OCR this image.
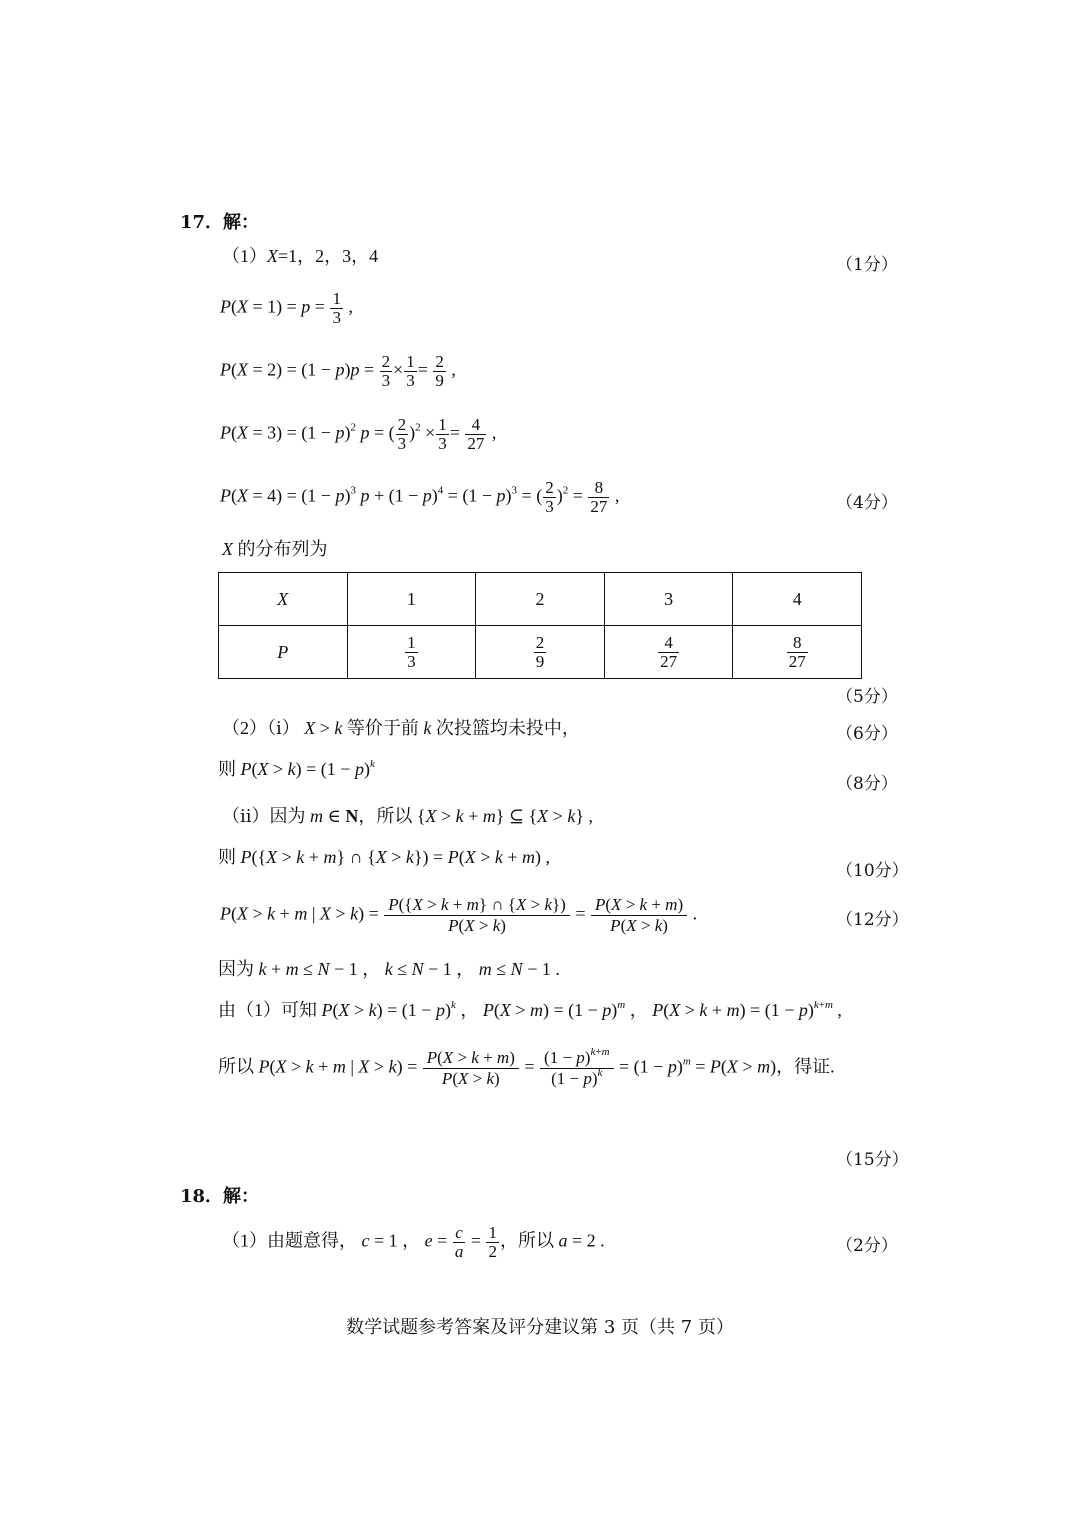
17．解：
（1）X=1，2，3，4	（1分）
$P(X = 1) = p = \frac{1}{3}$ ,
$P(X = 2) = (1 - p)p = \frac{2}{3} \times \frac{1}{3} = \frac{2}{9}$ ,
$P(X = 3) = (1 - p)^2$ p = ( $\frac{2}{3} )^2 \times \frac{1}{3} = \frac{4}{27}$ ,
$P(X = 4) = (1 - p)^3$ $p + (1 - p)^4 = (1 - p)^3$ = ( $\frac{2}{3} )^2 = \frac{8}{27}$ ,	（4分）
X 的分布列为
X	1	2	3	4
P	$\frac{1}{3}$	$\frac{2}{9}$	$\frac{4}{27}$	$\frac{8}{27}$
（5分）
（2）（ⅰ） X > k 等价于前 k 次投篮均未投中，	（6分）
则 $P(X > k) = (1 - p)^k$
（8分）
（ⅱ）因为 m ∈ N，所以 {X > k + m} ⊆ {X > k} ,
则 P({X > k + m} ∩ {X > k}) = P(X > k + m) ,
（10分）
P(X > k + m | $X > k) = \frac{P(\{X > k + m\} \cap \{X > k\})}{P(X > k)} = \frac{P(X > k + m)}{P(X > k)}$ .	（12分）
因为 k + m ≤ N − 1 ， k ≤ N − 1 ， m ≤ N − 1 .
由（1）可知 $P(X > k) = (1 - p)^k$ ， $P(X > m) = (1 - p)^m$ ， $P(X > k + m) = (1 - p)^{k+m}$ ,
所以 P(X > k + m | $X > k) = \frac{P(X > k + m)}{P(X > k)} = \frac{(1 - p)^{k+m}}{(1 - p)^k} = (1 - p)^m = P(X > m)$，得证.
（15分）
18．解：
（1）由题意得， c = 1 ， $e = \frac{c}{a} = \frac{1}{2}$ ，所以 a = 2 .	（2分）
数学试题参考答案及评分建议第 3 页（共 7 页）
